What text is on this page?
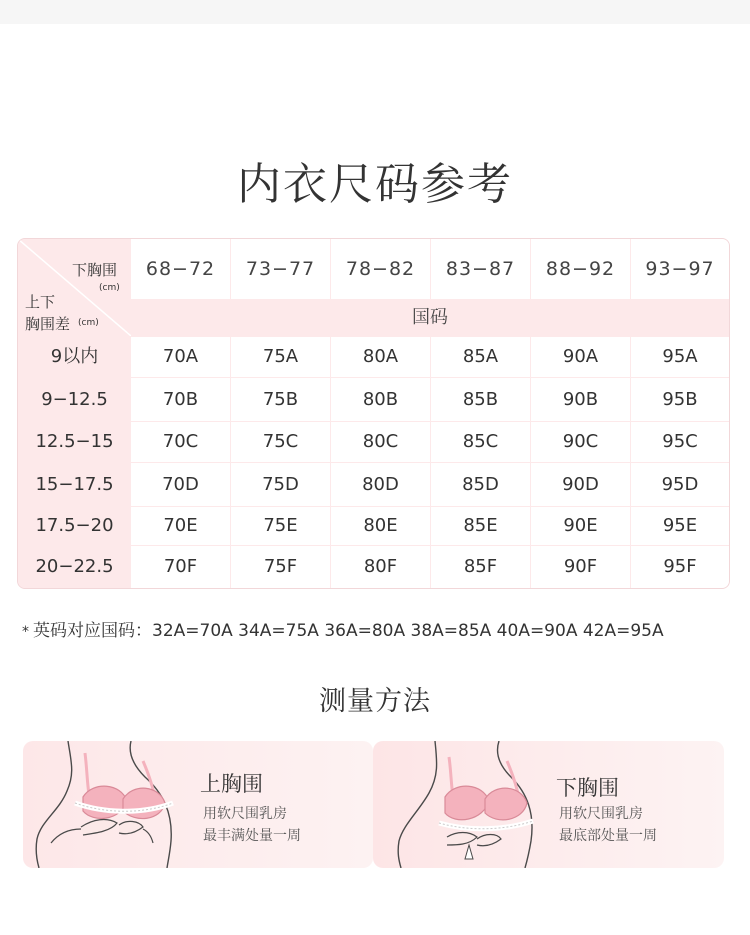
内衣尺码参考
下胸围
(cm)
上下
胸围差 (cm)
68−72	73−77	78−82	83−87	88−92	93−97
国码
9以内	70A	75A	80A	85A	90A	95A
9−12.5	70B	75B	80B	85B	90B	95B
12.5−15	70C	75C	80C	85C	90C	95C
15−17.5	70D	75D	80D	85D	90D	95D
17.5−20	70E	75E	80E	85E	90E	95E
20−22.5	70F	75F	80F	85F	90F	95F
* 英码对应国码：32A=70A 34A=75A 36A=80A 38A=85A 40A=90A 42A=95A
测量方法
上胸围
用软尺围乳房
最丰满处量一周
下胸围
用软尺围乳房
最底部处量一周
